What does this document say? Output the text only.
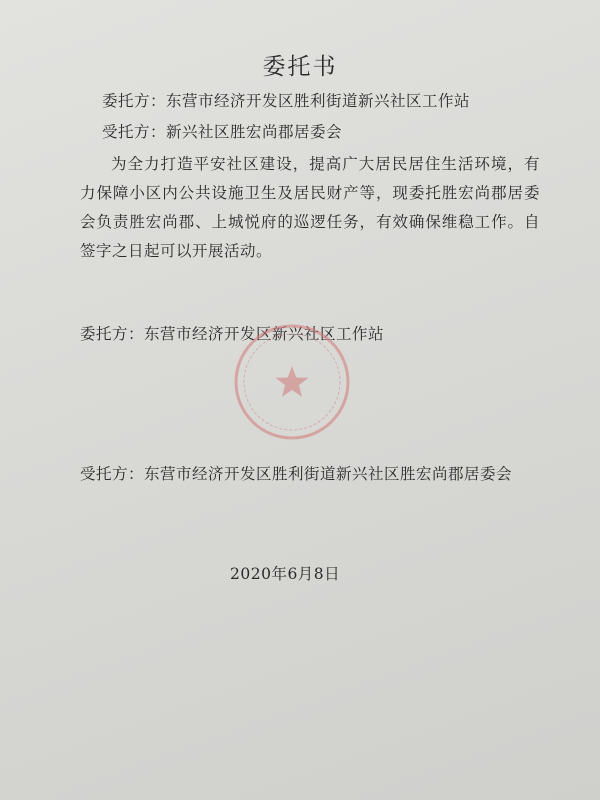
委托书
委托方：东营市经济开发区胜利街道新兴社区工作站
受托方：新兴社区胜宏尚郡居委会

为全力打造平安社区建设，提高广大居民居住生活环境，有力保障小区内公共设施卫生及居民财产等，现委托胜宏尚郡居委会负责胜宏尚郡、上城悦府的巡逻任务，有效确保维稳工作。自签字之日起可以开展活动。

委托方：东营市经济开发区新兴社区工作站

受托方：东营市经济开发区胜利街道新兴社区胜宏尚郡居委会

2020年6月8日
